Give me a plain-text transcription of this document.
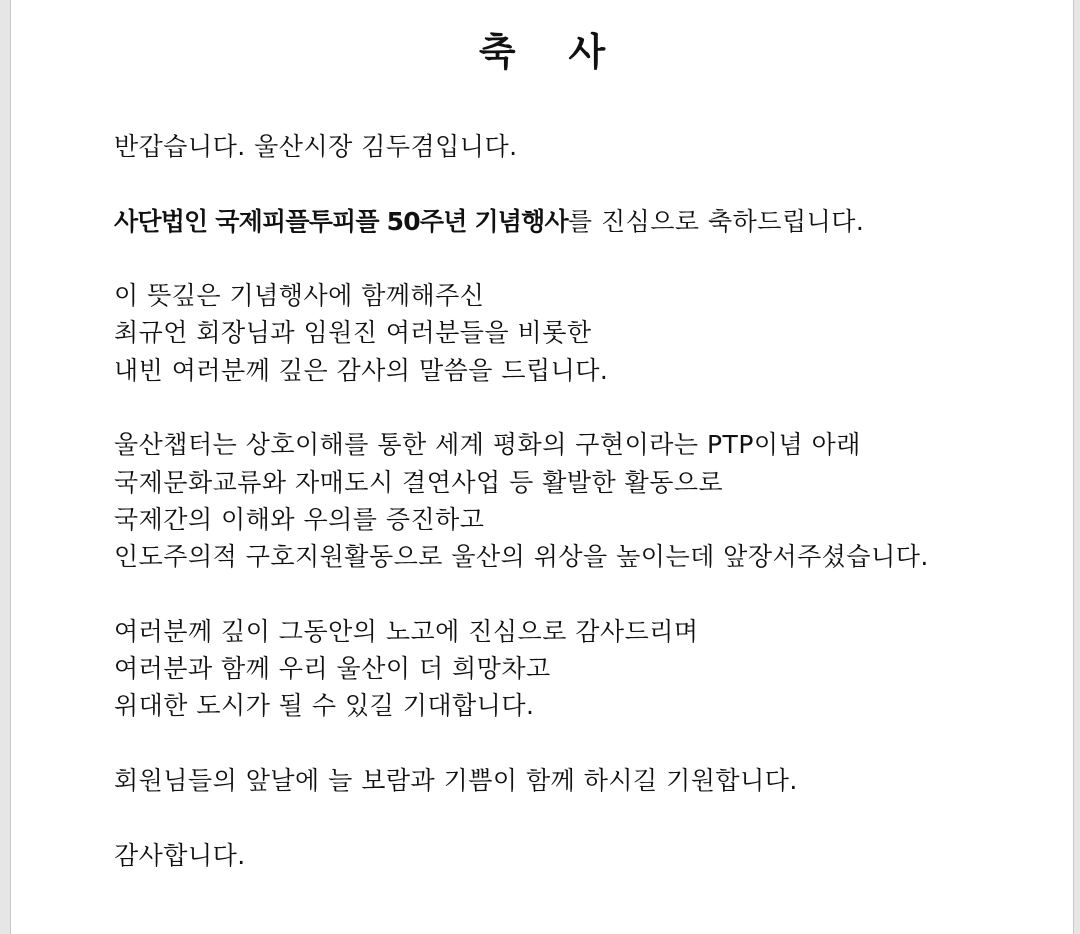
축    사
반갑습니다. 울산시장 김두겸입니다.
사단법인 국제피플투피플 50주년 기념행사를 진심으로 축하드립니다.
이 뜻깊은 기념행사에 함께해주신
최규언 회장님과 임원진 여러분들을 비롯한
내빈 여러분께 깊은 감사의 말씀을 드립니다.
울산챕터는 상호이해를 통한 세계 평화의 구현이라는 PTP이념 아래
국제문화교류와 자매도시 결연사업 등 활발한 활동으로
국제간의 이해와 우의를 증진하고
인도주의적 구호지원활동으로 울산의 위상을 높이는데 앞장서주셨습니다.
여러분께 깊이 그동안의 노고에 진심으로 감사드리며
여러분과 함께 우리 울산이 더 희망차고
위대한 도시가 될 수 있길 기대합니다.
회원님들의 앞날에 늘 보람과 기쁨이 함께 하시길 기원합니다.
감사합니다.
